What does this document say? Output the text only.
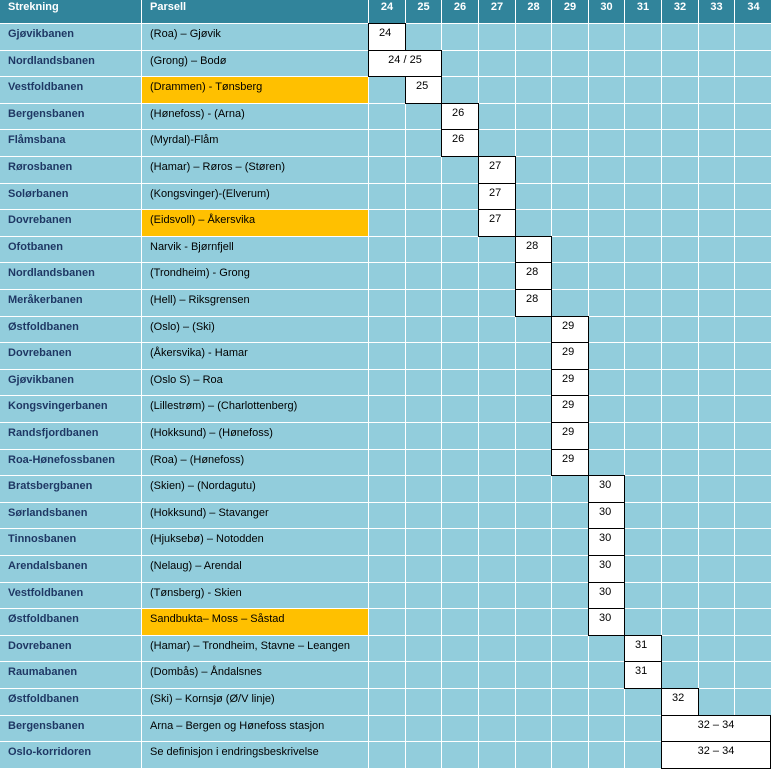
Strekning	Parsell	24	25	26	27	28	29	30	31	32	33	34
Gjøvikbanen	(Roa) – Gjøvik	24
Nordlandsbanen	(Grong) – Bodø	24 / 25
Vestfoldbanen	(Drammen) - Tønsberg	25
Bergensbanen	(Hønefoss) - (Arna)	26
Flåmsbana	(Myrdal)-Flåm	26
Rørosbanen	(Hamar) – Røros – (Støren)	27
Solørbanen	(Kongsvinger)-(Elverum)	27
Dovrebanen	(Eidsvoll) – Åkersvika	27
Ofotbanen	Narvik - Bjørnfjell	28
Nordlandsbanen	(Trondheim) - Grong	28
Meråkerbanen	(Hell) – Riksgrensen	28
Østfoldbanen	(Oslo) – (Ski)	29
Dovrebanen	(Åkersvika) - Hamar	29
Gjøvikbanen	(Oslo S) – Roa	29
Kongsvingerbanen	(Lillestrøm) – (Charlottenberg)	29
Randsfjordbanen	(Hokksund) – (Hønefoss)	29
Roa-Hønefossbanen	(Roa) – (Hønefoss)	29
Bratsbergbanen	(Skien) – (Nordagutu)	30
Sørlandsbanen	(Hokksund) – Stavanger	30
Tinnosbanen	(Hjuksebø) – Notodden	30
Arendalsbanen	(Nelaug) – Arendal	30
Vestfoldbanen	(Tønsberg) - Skien	30
Østfoldbanen	Sandbukta– Moss – Såstad	30
Dovrebanen	(Hamar) – Trondheim, Stavne – Leangen	31
Raumabanen	(Dombås) – Åndalsnes	31
Østfoldbanen	(Ski) – Kornsjø (Ø/V linje)	32
Bergensbanen	Arna – Bergen og Hønefoss stasjon	32 – 34
Oslo-korridoren	Se definisjon i endringsbeskrivelse	32 – 34
